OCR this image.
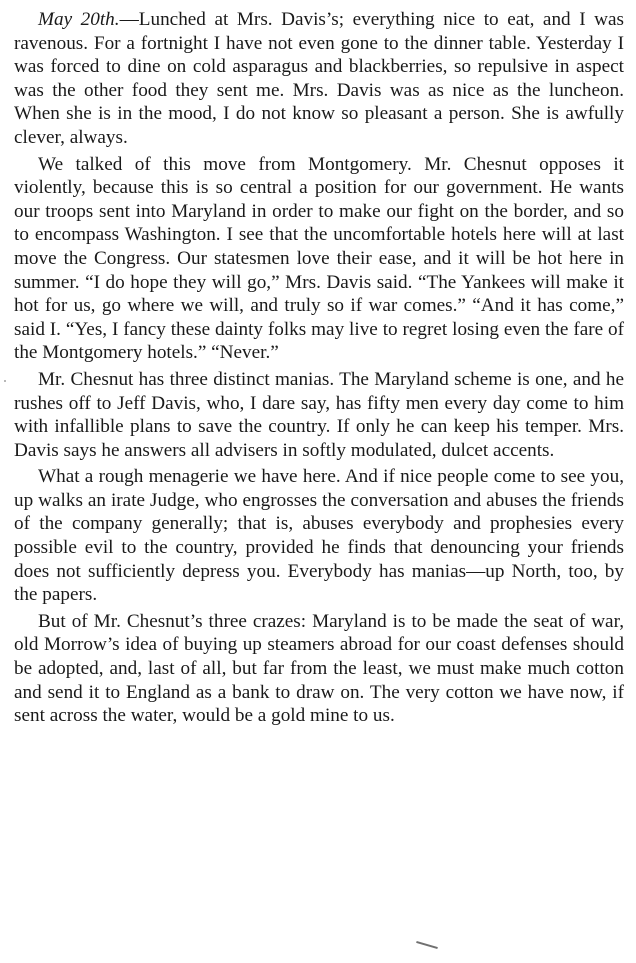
May 20th.—Lunched at Mrs. Davis’s; everything nice to eat, and I was ravenous. For a fortnight I have not even gone to the dinner table. Yesterday I was forced to dine on cold asparagus and blackberries, so repulsive in aspect was the other food they sent me. Mrs. Davis was as nice as the luncheon. When she is in the mood, I do not know so pleasant a person. She is awfully clever, always.

We talked of this move from Montgomery. Mr. Chesnut opposes it violently, because this is so central a position for our government. He wants our troops sent into Maryland in order to make our fight on the border, and so to encompass Washington. I see that the uncomfortable hotels here will at last move the Congress. Our statesmen love their ease, and it will be hot here in summer. “I do hope they will go,” Mrs. Davis said. “The Yankees will make it hot for us, go where we will, and truly so if war comes.” “And it has come,” said I. “Yes, I fancy these dainty folks may live to regret losing even the fare of the Montgomery hotels.” “Never.”

Mr. Chesnut has three distinct manias. The Maryland scheme is one, and he rushes off to Jeff Davis, who, I dare say, has fifty men every day come to him with infallible plans to save the country. If only he can keep his temper. Mrs. Davis says he answers all advisers in softly modulated, dulcet accents.

What a rough menagerie we have here. And if nice people come to see you, up walks an irate Judge, who engrosses the conversation and abuses the friends of the company generally; that is, abuses everybody and prophesies every possible evil to the country, provided he finds that denouncing your friends does not sufficiently depress you. Everybody has manias—up North, too, by the papers.

But of Mr. Chesnut’s three crazes: Maryland is to be made the seat of war, old Morrow’s idea of buying up steamers abroad for our coast defenses should be adopted, and, last of all, but far from the least, we must make much cotton and send it to England as a bank to draw on. The very cotton we have now, if sent across the water, would be a gold mine to us.
